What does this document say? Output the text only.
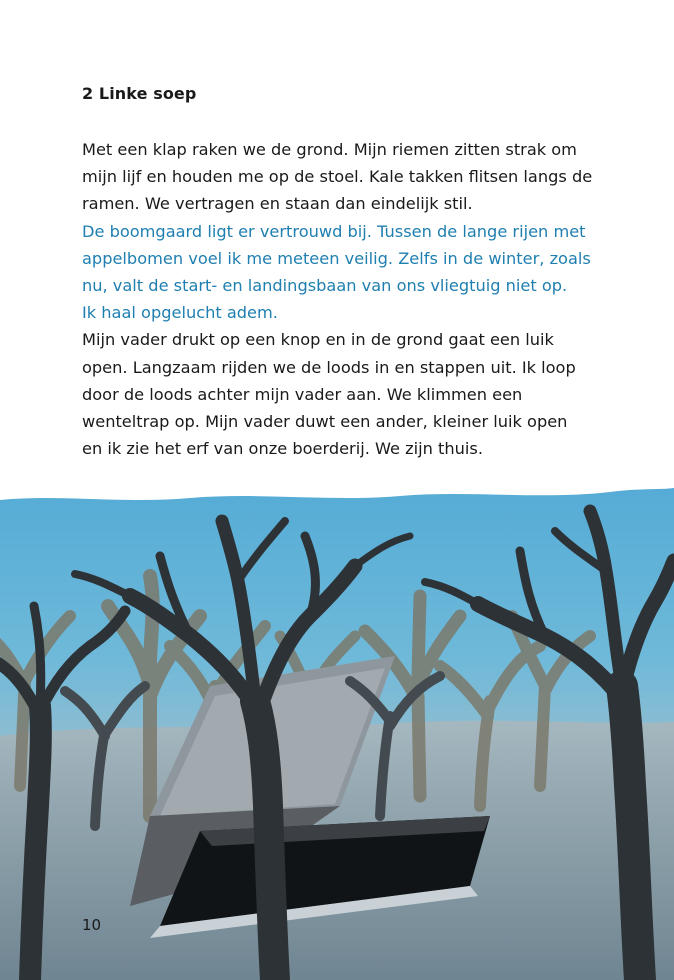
2 Linke soep

Met een klap raken we de grond. Mijn riemen zitten strak om

mijn lijf en houden me op de stoel. Kale takken flitsen langs de

ramen. We vertragen en staan dan eindelijk stil.

De boomgaard ligt er vertrouwd bij. Tussen de lange rijen met

appelbomen voel ik me meteen veilig. Zelfs in de winter, zoals

nu, valt de start- en landingsbaan van ons vliegtuig niet op.

Ik haal opgelucht adem.

Mijn vader drukt op een knop en in de grond gaat een luik

open. Langzaam rijden we de loods in en stappen uit. Ik loop

door de loods achter mijn vader aan. We klimmen een

wenteltrap op. Mijn vader duwt een ander, kleiner luik open

en ik zie het erf van onze boerderij. We zijn thuis.

10
